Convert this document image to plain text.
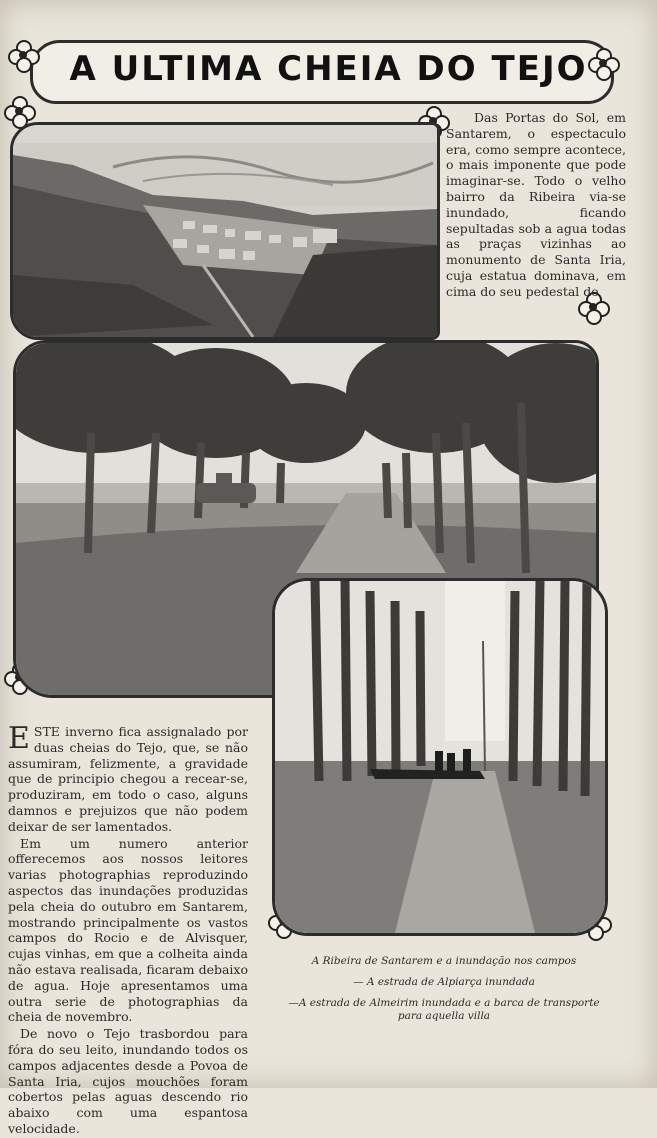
A ULTIMA CHEIA DO TEJO
Das Portas do Sol, em Santarem, o espectaculo era, como sempre acontece, o mais imponente que pode imaginar-se. Todo o velho bairro da Ribeira via-se inundado, ficando sepultadas sob a agua todas as praças vizinhas ao monumento de Santa Iria, cuja estatua dominava, em cima do seu pedestal de

ESTE inverno fica assignalado por duas cheias do Tejo, que, se não assumiram, felizmente, a gravidade que de principio chegou a recear-se, produziram, em todo o caso, alguns damnos e prejuizos que não podem deixar de ser lamentados.

Em um numero anterior offerecemos aos nossos leitores varias photographias reproduzindo aspectos das inundações produzidas pela cheia do outubro em Santarem, mostrando principalmente os vastos campos do Rocio e de Alvisquer, cujas vinhas, em que a colheita ainda não estava realisada, ficaram debaixo de agua. Hoje apresentamos uma outra serie de photographias da cheia de novembro.

De novo o Tejo trasbordou para fóra do seu leito, inundando todos os campos adjacentes desde a Povoa de Santa Iria, cujos mouchões foram cobertos pelas aguas descendo rio abaixo com uma espantosa velocidade.

A Ribeira de Santarem e a inundação nos campos
— A estrada de Alpiarça inundada
—A estrada de Almeirim inundada e a barca de transporte para aquella villa
